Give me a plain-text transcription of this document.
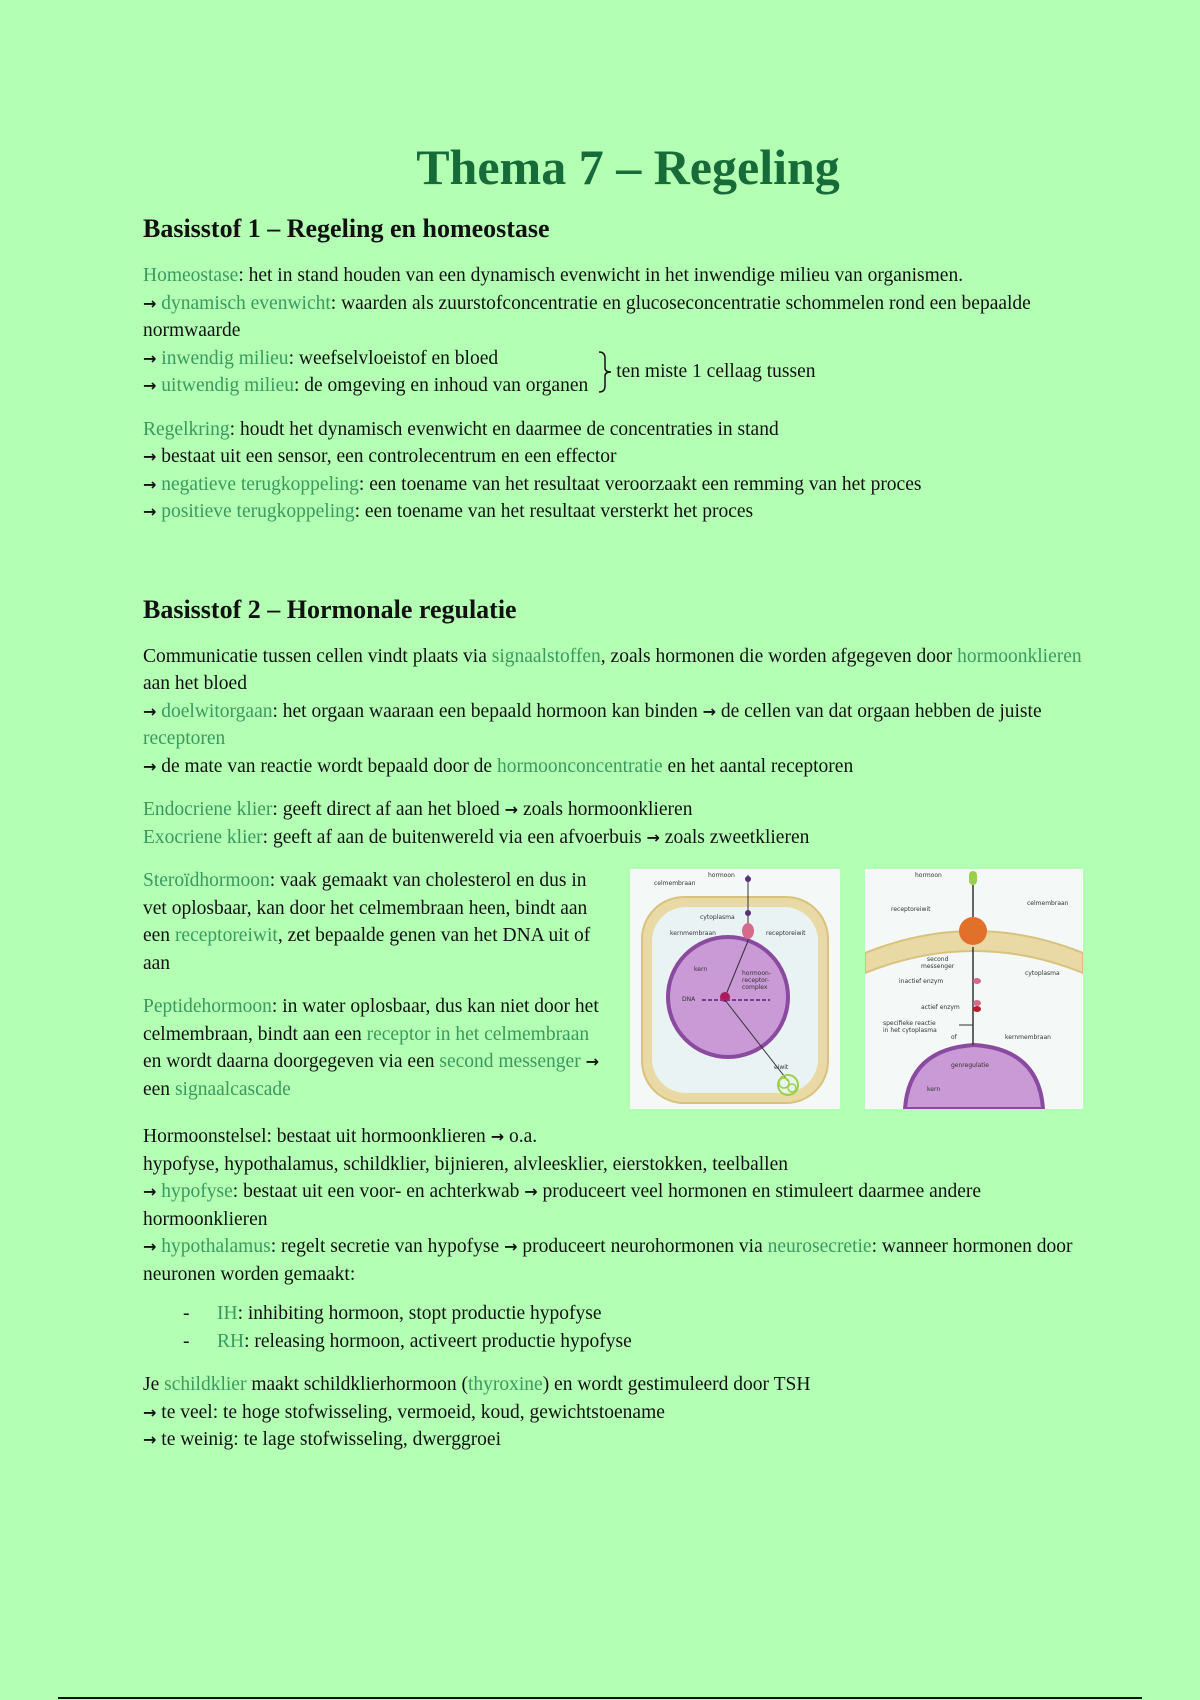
Thema 7 – Regeling
Basisstof 1 – Regeling en homeostase

Homeostase: het in stand houden van een dynamisch evenwicht in het inwendige milieu van organismen.

→ dynamisch evenwicht: waarden als zuurstofconcentratie en glucoseconcentratie schommelen rond een bepaalde normwaarde

→ inwendig milieu: weefselvloeistof en bloed

→ uitwendig milieu: de omgeving en inhoud van organen

ten miste 1 cellaag tussen

Regelkring: houdt het dynamisch evenwicht en daarmee de concentraties in stand

→ bestaat uit een sensor, een controlecentrum en een effector

→ negatieve terugkoppeling: een toename van het resultaat veroorzaakt een remming van het proces

→ positieve terugkoppeling: een toename van het resultaat versterkt het proces

Basisstof 2 – Hormonale regulatie

Communicatie tussen cellen vindt plaats via signaalstoffen, zoals hormonen die worden afgegeven door hormoonklieren aan het bloed

→ doelwitorgaan: het orgaan waaraan een bepaald hormoon kan binden → de cellen van dat orgaan hebben de juiste receptoren

→ de mate van reactie wordt bepaald door de hormoonconcentratie en het aantal receptoren

Endocriene klier: geeft direct af aan het bloed → zoals hormoonklieren

Exocriene klier: geeft af aan de buitenwereld via een afvoerbuis → zoals zweetklieren

Steroïdhormoon: vaak gemaakt van cholesterol en dus in vet oplosbaar, kan door het celmembraan heen, bindt aan een receptoreiwit, zet bepaalde genen van het DNA uit of aan

Peptidehormoon: in water oplosbaar, dus kan niet door het celmembraan, bindt aan een receptor in het celmembraan en wordt daarna doorgegeven via een second messenger → een signaalcascade

celmembraan
hormoon
cytoplasma
kernmembraan	receptoreiwit
kern
hormoon-receptor-complex
DNA
eiwit
hormoon
receptoreiwit
celmembraan
second messenger
inactief enzym
cytoplasma
actief enzym
specifieke reactie in het cytoplasma
of	kernmembraan
genregulatie
kern

Hormoonstelsel: bestaat uit hormoonklieren → o.a.

hypofyse, hypothalamus, schildklier, bijnieren, alvleesklier, eierstokken, teelballen

→ hypofyse: bestaat uit een voor- en achterkwab → produceert veel hormonen en stimuleert daarmee andere hormoonklieren

→ hypothalamus: regelt secretie van hypofyse → produceert neurohormonen via neurosecretie: wanneer hormonen door neuronen worden gemaakt:

- IH: inhibiting hormoon, stopt productie hypofyse
- RH: releasing hormoon, activeert productie hypofyse

Je schildklier maakt schildklierhormoon (thyroxine) en wordt gestimuleerd door TSH

→ te veel: te hoge stofwisseling, vermoeid, koud, gewichtstoename

→ te weinig: te lage stofwisseling, dwerggroei
